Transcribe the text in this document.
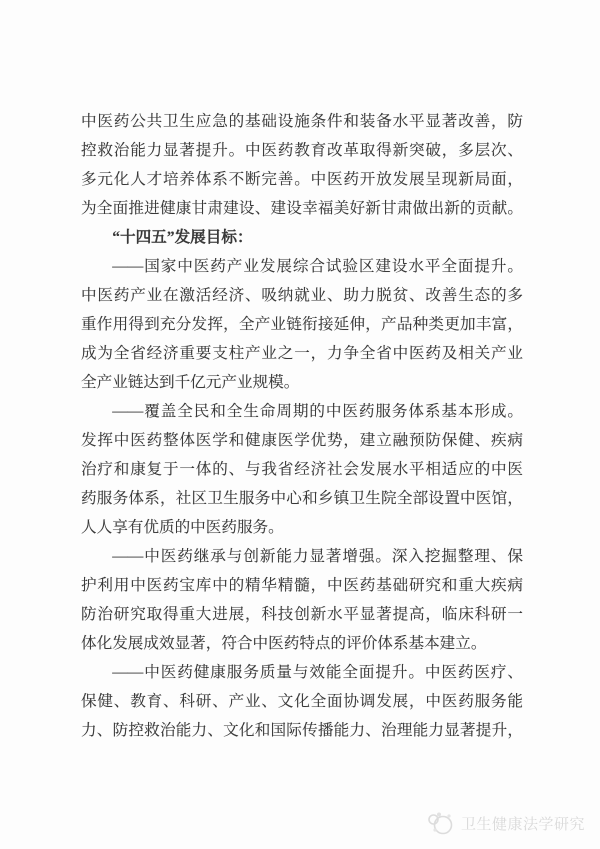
中医药公共卫生应急的基础设施条件和装备水平显著改善，防
控救治能力显著提升。中医药教育改革取得新突破，多层次、
多元化人才培养体系不断完善。中医药开放发展呈现新局面，
为全面推进健康甘肃建设、建设幸福美好新甘肃做出新的贡献。
“十四五”发展目标：
——国家中医药产业发展综合试验区建设水平全面提升。
中医药产业在激活经济、吸纳就业、助力脱贫、改善生态的多
重作用得到充分发挥，全产业链衔接延伸，产品种类更加丰富，
成为全省经济重要支柱产业之一，力争全省中医药及相关产业
全产业链达到千亿元产业规模。
——覆盖全民和全生命周期的中医药服务体系基本形成。
发挥中医药整体医学和健康医学优势，建立融预防保健、疾病
治疗和康复于一体的、与我省经济社会发展水平相适应的中医
药服务体系，社区卫生服务中心和乡镇卫生院全部设置中医馆，
人人享有优质的中医药服务。
——中医药继承与创新能力显著增强。深入挖掘整理、保
护利用中医药宝库中的精华精髓，中医药基础研究和重大疾病
防治研究取得重大进展，科技创新水平显著提高，临床科研一
体化发展成效显著，符合中医药特点的评价体系基本建立。
——中医药健康服务质量与效能全面提升。中医药医疗、
保健、教育、科研、产业、文化全面协调发展，中医药服务能
力、防控救治能力、文化和国际传播能力、治理能力显著提升，
卫生健康法学研究
